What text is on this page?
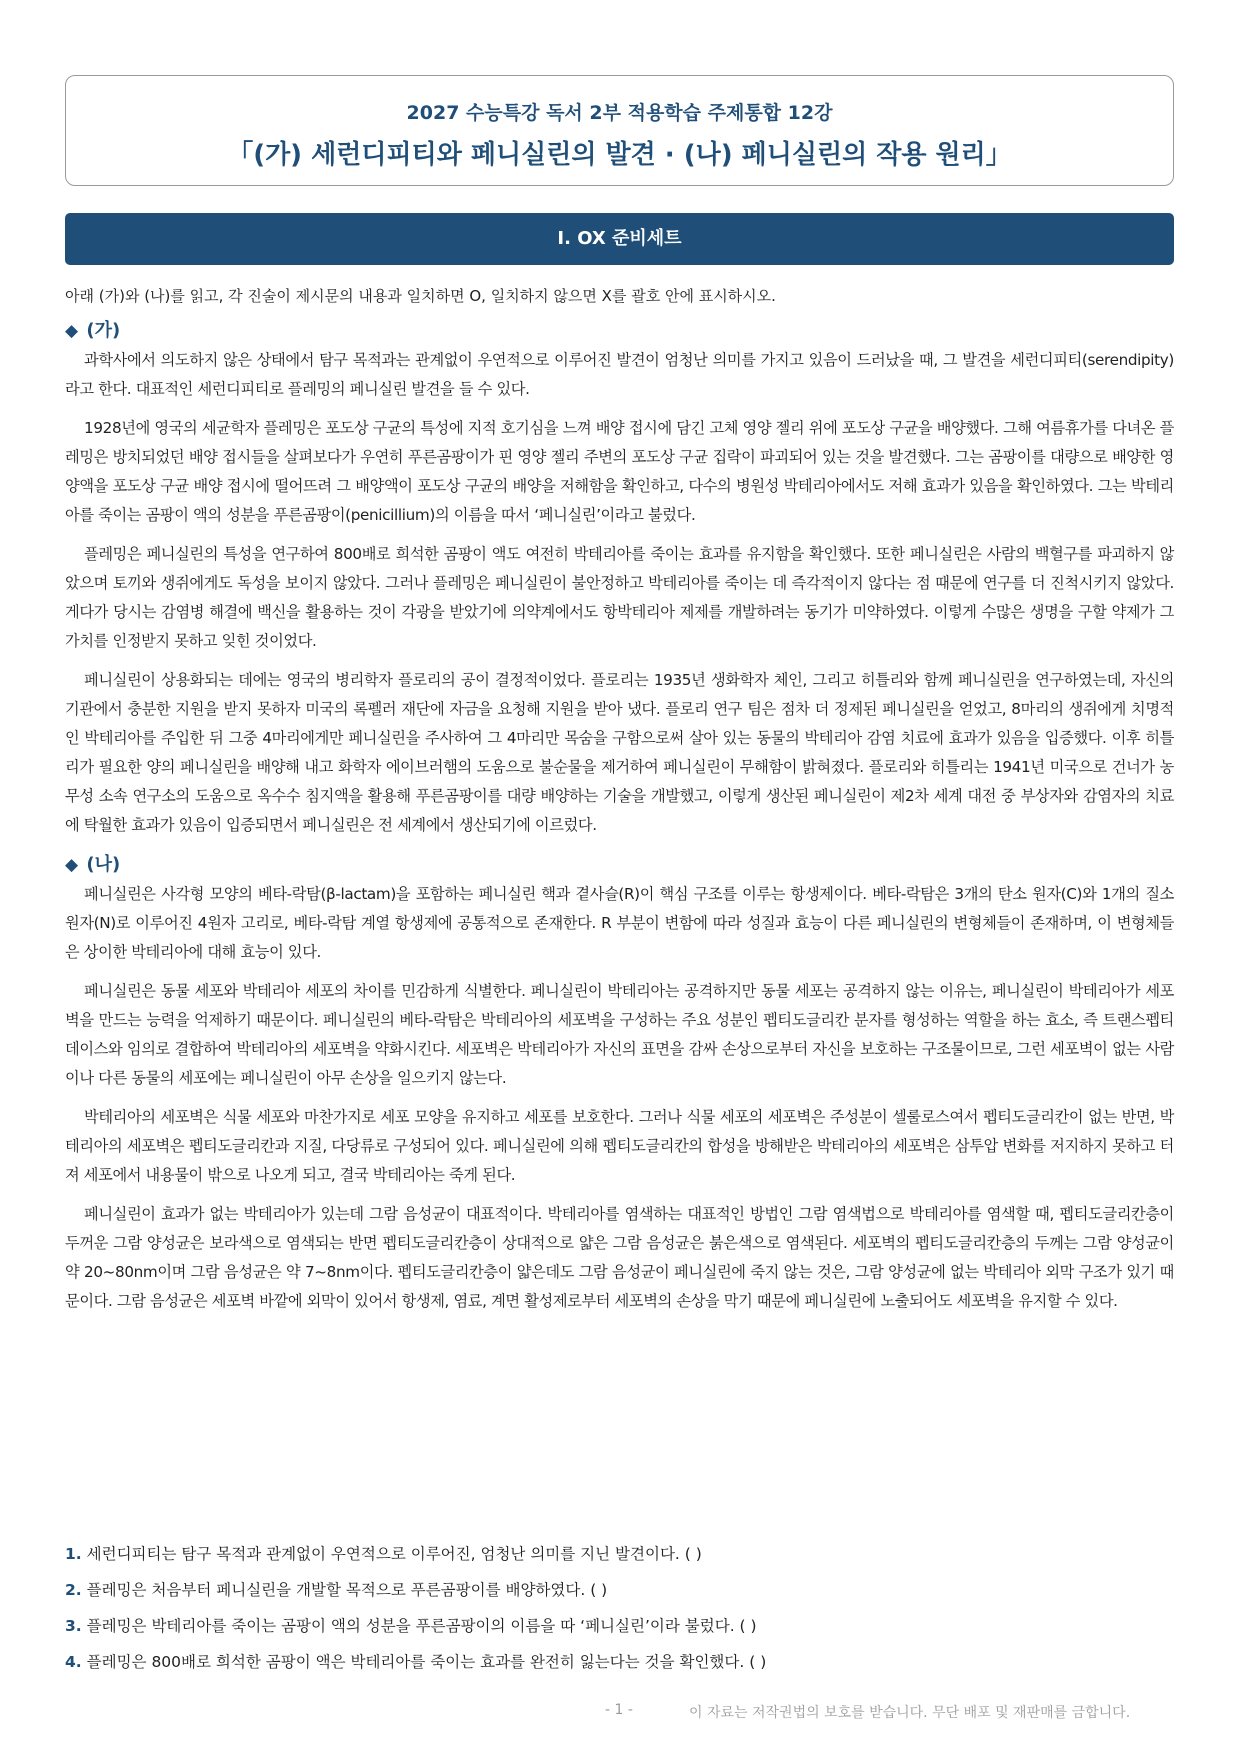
2027 수능특강 독서 2부 적용학습 주제통합 12강
「(가) 세런디피티와 페니실린의 발견 · (나) 페니실린의 작용 원리」
Ⅰ. OX 준비세트

아래 (가)와 (나)를 읽고, 각 진술이 제시문의 내용과 일치하면 O, 일치하지 않으면 X를 괄호 안에 표시하시오.

◆ (가)

과학사에서 의도하지 않은 상태에서 탐구 목적과는 관계없이 우연적으로 이루어진 발견이 엄청난 의미를 가지고 있음이 드러났을 때, 그 발견을 세런디피티(serendipity)라고 한다. 대표적인 세런디피티로 플레밍의 페니실린 발견을 들 수 있다.

1928년에 영국의 세균학자 플레밍은 포도상 구균의 특성에 지적 호기심을 느껴 배양 접시에 담긴 고체 영양 젤리 위에 포도상 구균을 배양했다. 그해 여름휴가를 다녀온 플레밍은 방치되었던 배양 접시들을 살펴보다가 우연히 푸른곰팡이가 핀 영양 젤리 주변의 포도상 구균 집락이 파괴되어 있는 것을 발견했다. 그는 곰팡이를 대량으로 배양한 영양액을 포도상 구균 배양 접시에 떨어뜨려 그 배양액이 포도상 구균의 배양을 저해함을 확인하고, 다수의 병원성 박테리아에서도 저해 효과가 있음을 확인하였다. 그는 박테리아를 죽이는 곰팡이 액의 성분을 푸른곰팡이(penicillium)의 이름을 따서 ‘페니실린’이라고 불렀다.

플레밍은 페니실린의 특성을 연구하여 800배로 희석한 곰팡이 액도 여전히 박테리아를 죽이는 효과를 유지함을 확인했다. 또한 페니실린은 사람의 백혈구를 파괴하지 않았으며 토끼와 생쥐에게도 독성을 보이지 않았다. 그러나 플레밍은 페니실린이 불안정하고 박테리아를 죽이는 데 즉각적이지 않다는 점 때문에 연구를 더 진척시키지 않았다. 게다가 당시는 감염병 해결에 백신을 활용하는 것이 각광을 받았기에 의약계에서도 항박테리아 제제를 개발하려는 동기가 미약하였다. 이렇게 수많은 생명을 구할 약제가 그 가치를 인정받지 못하고 잊힌 것이었다.

페니실린이 상용화되는 데에는 영국의 병리학자 플로리의 공이 결정적이었다. 플로리는 1935년 생화학자 체인, 그리고 히틀리와 함께 페니실린을 연구하였는데, 자신의 기관에서 충분한 지원을 받지 못하자 미국의 록펠러 재단에 자금을 요청해 지원을 받아 냈다. 플로리 연구 팀은 점차 더 정제된 페니실린을 얻었고, 8마리의 생쥐에게 치명적인 박테리아를 주입한 뒤 그중 4마리에게만 페니실린을 주사하여 그 4마리만 목숨을 구함으로써 살아 있는 동물의 박테리아 감염 치료에 효과가 있음을 입증했다. 이후 히틀리가 필요한 양의 페니실린을 배양해 내고 화학자 에이브러햄의 도움으로 불순물을 제거하여 페니실린이 무해함이 밝혀졌다. 플로리와 히틀리는 1941년 미국으로 건너가 농무성 소속 연구소의 도움으로 옥수수 침지액을 활용해 푸른곰팡이를 대량 배양하는 기술을 개발했고, 이렇게 생산된 페니실린이 제2차 세계 대전 중 부상자와 감염자의 치료에 탁월한 효과가 있음이 입증되면서 페니실린은 전 세계에서 생산되기에 이르렀다.

◆ (나)

페니실린은 사각형 모양의 베타-락탐(β-lactam)을 포함하는 페니실린 핵과 곁사슬(R)이 핵심 구조를 이루는 항생제이다. 베타-락탐은 3개의 탄소 원자(C)와 1개의 질소 원자(N)로 이루어진 4원자 고리로, 베타-락탐 계열 항생제에 공통적으로 존재한다. R 부분이 변함에 따라 성질과 효능이 다른 페니실린의 변형체들이 존재하며, 이 변형체들은 상이한 박테리아에 대해 효능이 있다.

페니실린은 동물 세포와 박테리아 세포의 차이를 민감하게 식별한다. 페니실린이 박테리아는 공격하지만 동물 세포는 공격하지 않는 이유는, 페니실린이 박테리아가 세포벽을 만드는 능력을 억제하기 때문이다. 페니실린의 베타-락탐은 박테리아의 세포벽을 구성하는 주요 성분인 펩티도글리칸 분자를 형성하는 역할을 하는 효소, 즉 트랜스펩티데이스와 임의로 결합하여 박테리아의 세포벽을 약화시킨다. 세포벽은 박테리아가 자신의 표면을 감싸 손상으로부터 자신을 보호하는 구조물이므로, 그런 세포벽이 없는 사람이나 다른 동물의 세포에는 페니실린이 아무 손상을 일으키지 않는다.

박테리아의 세포벽은 식물 세포와 마찬가지로 세포 모양을 유지하고 세포를 보호한다. 그러나 식물 세포의 세포벽은 주성분이 셀룰로스여서 펩티도글리칸이 없는 반면, 박테리아의 세포벽은 펩티도글리칸과 지질, 다당류로 구성되어 있다. 페니실린에 의해 펩티도글리칸의 합성을 방해받은 박테리아의 세포벽은 삼투압 변화를 저지하지 못하고 터져 세포에서 내용물이 밖으로 나오게 되고, 결국 박테리아는 죽게 된다.

페니실린이 효과가 없는 박테리아가 있는데 그람 음성균이 대표적이다. 박테리아를 염색하는 대표적인 방법인 그람 염색법으로 박테리아를 염색할 때, 펩티도글리칸층이 두꺼운 그람 양성균은 보라색으로 염색되는 반면 펩티도글리칸층이 상대적으로 얇은 그람 음성균은 붉은색으로 염색된다. 세포벽의 펩티도글리칸층의 두께는 그람 양성균이 약 20~80nm이며 그람 음성균은 약 7~8nm이다. 펩티도글리칸층이 얇은데도 그람 음성균이 페니실린에 죽지 않는 것은, 그람 양성균에 없는 박테리아 외막 구조가 있기 때문이다. 그람 음성균은 세포벽 바깥에 외막이 있어서 항생제, 염료, 계면 활성제로부터 세포벽의 손상을 막기 때문에 페니실린에 노출되어도 세포벽을 유지할 수 있다.

1. 세런디피티는 탐구 목적과 관계없이 우연적으로 이루어진, 엄청난 의미를 지닌 발견이다. ( )
2. 플레밍은 처음부터 페니실린을 개발할 목적으로 푸른곰팡이를 배양하였다. ( )
3. 플레밍은 박테리아를 죽이는 곰팡이 액의 성분을 푸른곰팡이의 이름을 따 ‘페니실린’이라 불렀다. ( )
4. 플레밍은 800배로 희석한 곰팡이 액은 박테리아를 죽이는 효과를 완전히 잃는다는 것을 확인했다. ( )
- 1 -	이 자료는 저작권법의 보호를 받습니다. 무단 배포 및 재판매를 금합니다.
